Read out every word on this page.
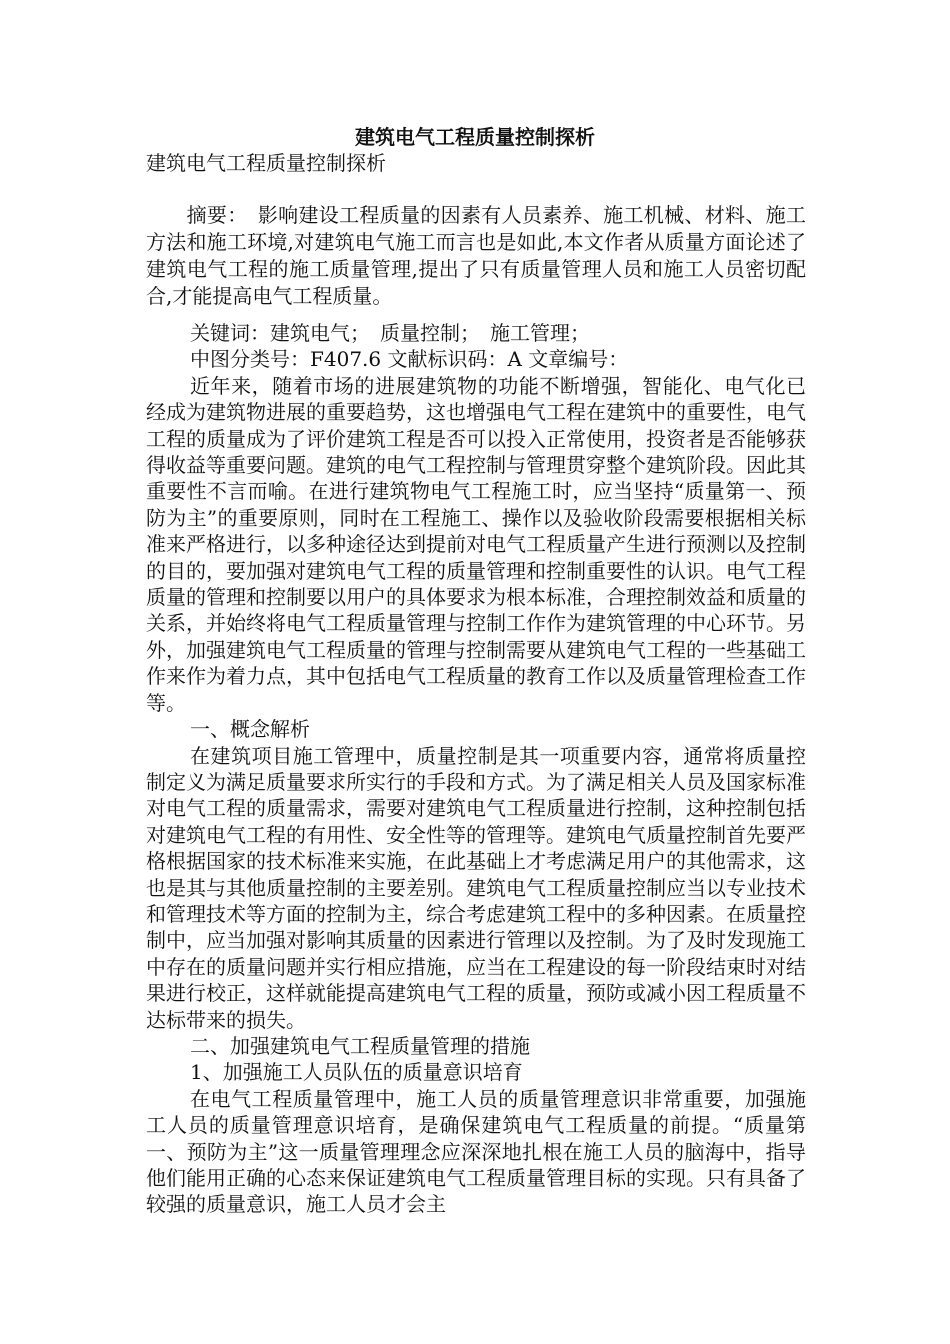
建筑电气工程质量控制探析
建筑电气工程质量控制探析

　　摘要：　影响建设工程质量的因素有人员素养、施工机械、材料、施工方法和施工环境,对建筑电气施工而言也是如此,本文作者从质量方面论述了建筑电气工程的施工质量管理,提出了只有质量管理人员和施工人员密切配合,才能提高电气工程质量。

关键词：建筑电气；　质量控制；　施工管理；

中图分类号：F407.6 文献标识码：A 文章编号：

近年来，随着市场的进展建筑物的功能不断增强，智能化、电气化已经成为建筑物进展的重要趋势，这也增强电气工程在建筑中的重要性，电气工程的质量成为了评价建筑工程是否可以投入正常使用，投资者是否能够获得收益等重要问题。建筑的电气工程控制与管理贯穿整个建筑阶段。因此其重要性不言而喻。在进行建筑物电气工程施工时，应当坚持“质量第一、预防为主”的重要原则，同时在工程施工、操作以及验收阶段需要根据相关标准来严格进行，以多种途径达到提前对电气工程质量产生进行预测以及控制的目的，要加强对建筑电气工程的质量管理和控制重要性的认识。电气工程质量的管理和控制要以用户的具体要求为根本标准，合理控制效益和质量的关系，并始终将电气工程质量管理与控制工作作为建筑管理的中心环节。另外，加强建筑电气工程质量的管理与控制需要从建筑电气工程的一些基础工作来作为着力点，其中包括电气工程质量的教育工作以及质量管理检查工作等。

一、概念解析

在建筑项目施工管理中，质量控制是其一项重要内容，通常将质量控制定义为满足质量要求所实行的手段和方式。为了满足相关人员及国家标准对电气工程的质量需求，需要对建筑电气工程质量进行控制，这种控制包括对建筑电气工程的有用性、安全性等的管理等。建筑电气质量控制首先要严格根据国家的技术标准来实施，在此基础上才考虑满足用户的其他需求，这也是其与其他质量控制的主要差别。建筑电气工程质量控制应当以专业技术和管理技术等方面的控制为主，综合考虑建筑工程中的多种因素。在质量控制中，应当加强对影响其质量的因素进行管理以及控制。为了及时发现施工中存在的质量问题并实行相应措施，应当在工程建设的每一阶段结束时对结果进行校正，这样就能提高建筑电气工程的质量，预防或减小因工程质量不达标带来的损失。

二、加强建筑电气工程质量管理的措施

1、加强施工人员队伍的质量意识培育

在电气工程质量管理中，施工人员的质量管理意识非常重要，加强施工人员的质量管理意识培育，是确保建筑电气工程质量的前提。“质量第一、预防为主”这一质量管理理念应深深地扎根在施工人员的脑海中，指导他们能用正确的心态来保证建筑电气工程质量管理目标的实现。只有具备了较强的质量意识，施工人员才会主
